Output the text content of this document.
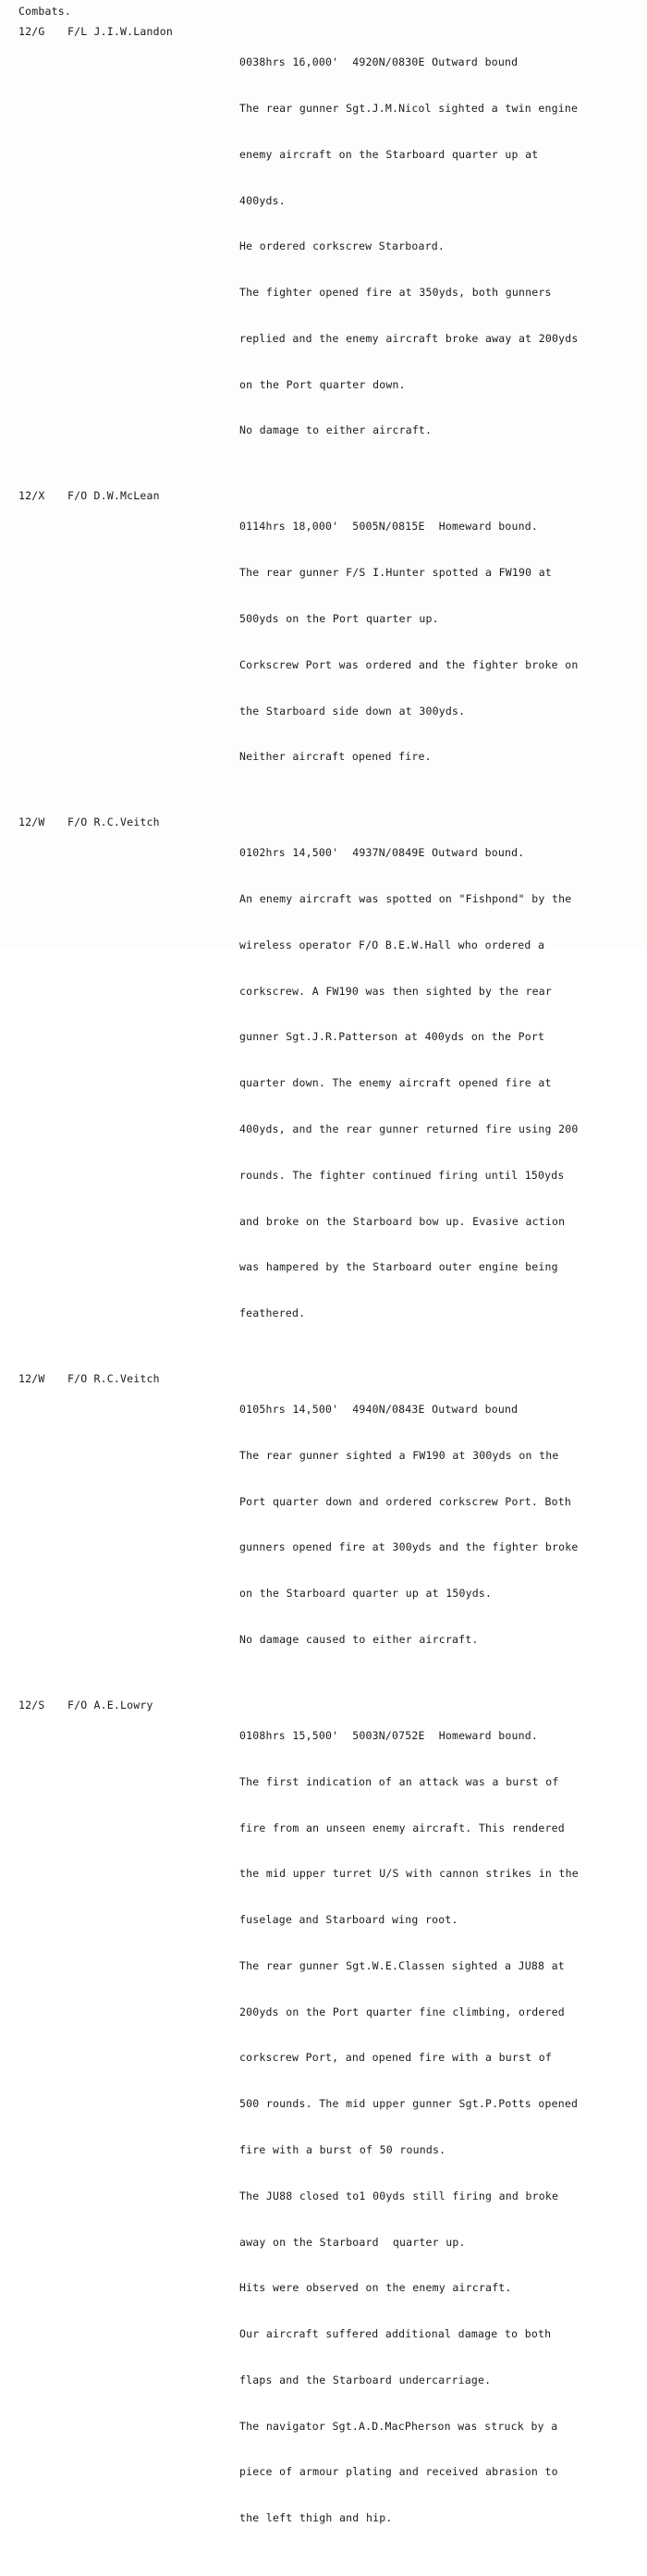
Combats.
12/G F/L J.I.W.Landon

0038hrs 16,000'  4920N/0830E Outward bound

The rear gunner Sgt.J.M.Nicol sighted a twin engine

enemy aircraft on the Starboard quarter up at

400yds.

He ordered corkscrew Starboard.

The fighter opened fire at 350yds, both gunners

replied and the enemy aircraft broke away at 200yds

on the Port quarter down.

No damage to either aircraft.

12/X F/O D.W.McLean

0114hrs 18,000'  5005N/0815E  Homeward bound.

The rear gunner F/S I.Hunter spotted a FW190 at

500yds on the Port quarter up.

Corkscrew Port was ordered and the fighter broke on

the Starboard side down at 300yds.

Neither aircraft opened fire.

12/W F/O R.C.Veitch

0102hrs 14,500'  4937N/0849E Outward bound.

An enemy aircraft was spotted on "Fishpond" by the

wireless operator F/O B.E.W.Hall who ordered a

corkscrew. A FW190 was then sighted by the rear

gunner Sgt.J.R.Patterson at 400yds on the Port

quarter down. The enemy aircraft opened fire at

400yds, and the rear gunner returned fire using 200

rounds. The fighter continued firing until 150yds

and broke on the Starboard bow up. Evasive action

was hampered by the Starboard outer engine being

feathered.

12/W F/O R.C.Veitch

0105hrs 14,500'  4940N/0843E Outward bound

The rear gunner sighted a FW190 at 300yds on the

Port quarter down and ordered corkscrew Port. Both

gunners opened fire at 300yds and the fighter broke

on the Starboard quarter up at 150yds.

No damage caused to either aircraft.

12/S F/O A.E.Lowry

0108hrs 15,500'  5003N/0752E  Homeward bound.

The first indication of an attack was a burst of

fire from an unseen enemy aircraft. This rendered

the mid upper turret U/S with cannon strikes in the

fuselage and Starboard wing root.

The rear gunner Sgt.W.E.Classen sighted a JU88 at

200yds on the Port quarter fine climbing, ordered

corkscrew Port, and opened fire with a burst of

500 rounds. The mid upper gunner Sgt.P.Potts opened

fire with a burst of 50 rounds.

The JU88 closed to1 00yds still firing and broke

away on the Starboard  quarter up.

Hits were observed on the enemy aircraft.

Our aircraft suffered additional damage to both

flaps and the Starboard undercarriage.

The navigator Sgt.A.D.MacPherson was struck by a

piece of armour plating and received abrasion to

the left thigh and hip.
